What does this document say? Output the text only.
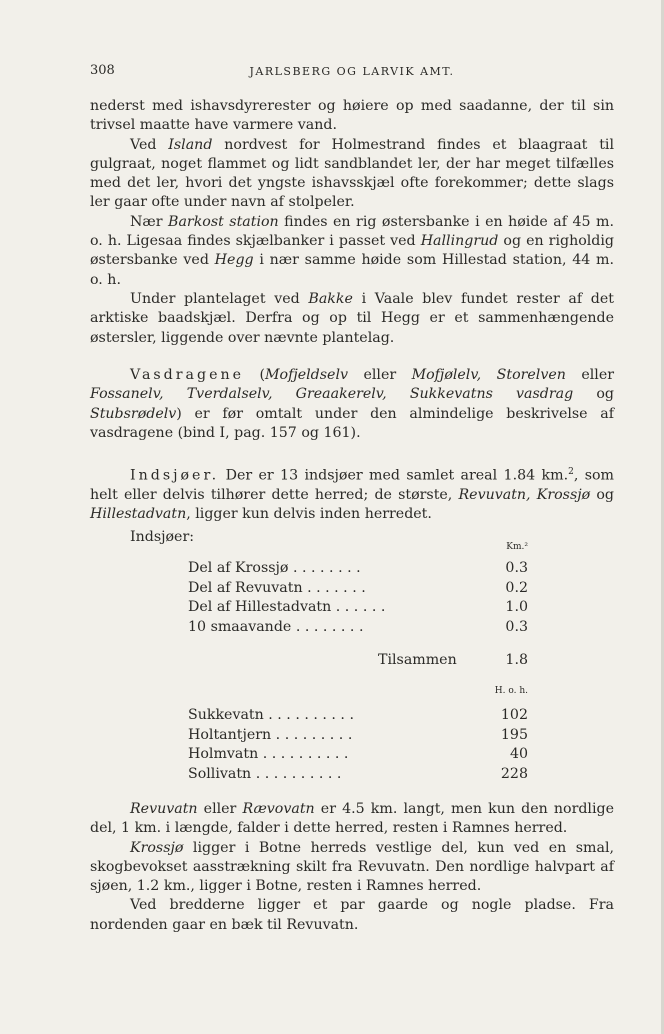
308	JARLSBERG OG LARVIK AMT.

nederst med ishavsdyrerester og høiere op med saadanne, der til sin trivsel maatte have varmere vand.

Ved Island nordvest for Holmestrand findes et blaagraat til gulgraat, noget flammet og lidt sandblandet ler, der har meget tilfælles med det ler, hvori det yngste ishavsskjæl ofte forekommer; dette slags ler gaar ofte under navn af stolpeler.

Nær Barkost station findes en rig østersbanke i en høide af 45 m. o. h. Ligesaa findes skjælbanker i passet ved Hallingrud og en righoldig østersbanke ved Hegg i nær samme høide som Hillestad station, 44 m. o. h.

Under plantelaget ved Bakke i Vaale blev fundet rester af det arktiske baadskjæl. Derfra og op til Hegg er et sammenhængende østersler, liggende over nævnte plantelag.

Vasdragene (Mofjeldselv eller Mofjølelv, Storelven eller Fossanelv, Tverdalselv, Greaakerelv, Sukkevatns vasdrag og Stubsrødelv) er før omtalt under den almindelige beskrivelse af vasdragene (bind I, pag. 157 og 161).

Indsjøer. Der er 13 indsjøer med samlet areal 1.84 km.$^2$, som helt eller delvis tilhører dette herred; de største, Revuvatn, Krossjø og Hillestadvatn, ligger kun delvis inden herredet.

Indsjøer:
Km.²
Del af Krossjø . . . . . . . .	0.3
Del af Revuvatn . . . . . . .	0.2
Del af Hillestadvatn . . . . . .	1.0
10 smaavande . . . . . . . .	0.3
Tilsammen	1.8
H. o. h.
Sukkevatn . . . . . . . . . .	102
Holtantjern . . . . . . . . .	195
Holmvatn . . . . . . . . . .	40
Sollivatn . . . . . . . . . .	228

Revuvatn eller Rævovatn er 4.5 km. langt, men kun den nordlige del, 1 km. i længde, falder i dette herred, resten i Ramnes herred.

Krossjø ligger i Botne herreds vestlige del, kun ved en smal, skogbevokset aasstrækning skilt fra Revuvatn. Den nordlige halvpart af sjøen, 1.2 km., ligger i Botne, resten i Ramnes herred.

Ved bredderne ligger et par gaarde og nogle pladse. Fra nordenden gaar en bæk til Revuvatn.
